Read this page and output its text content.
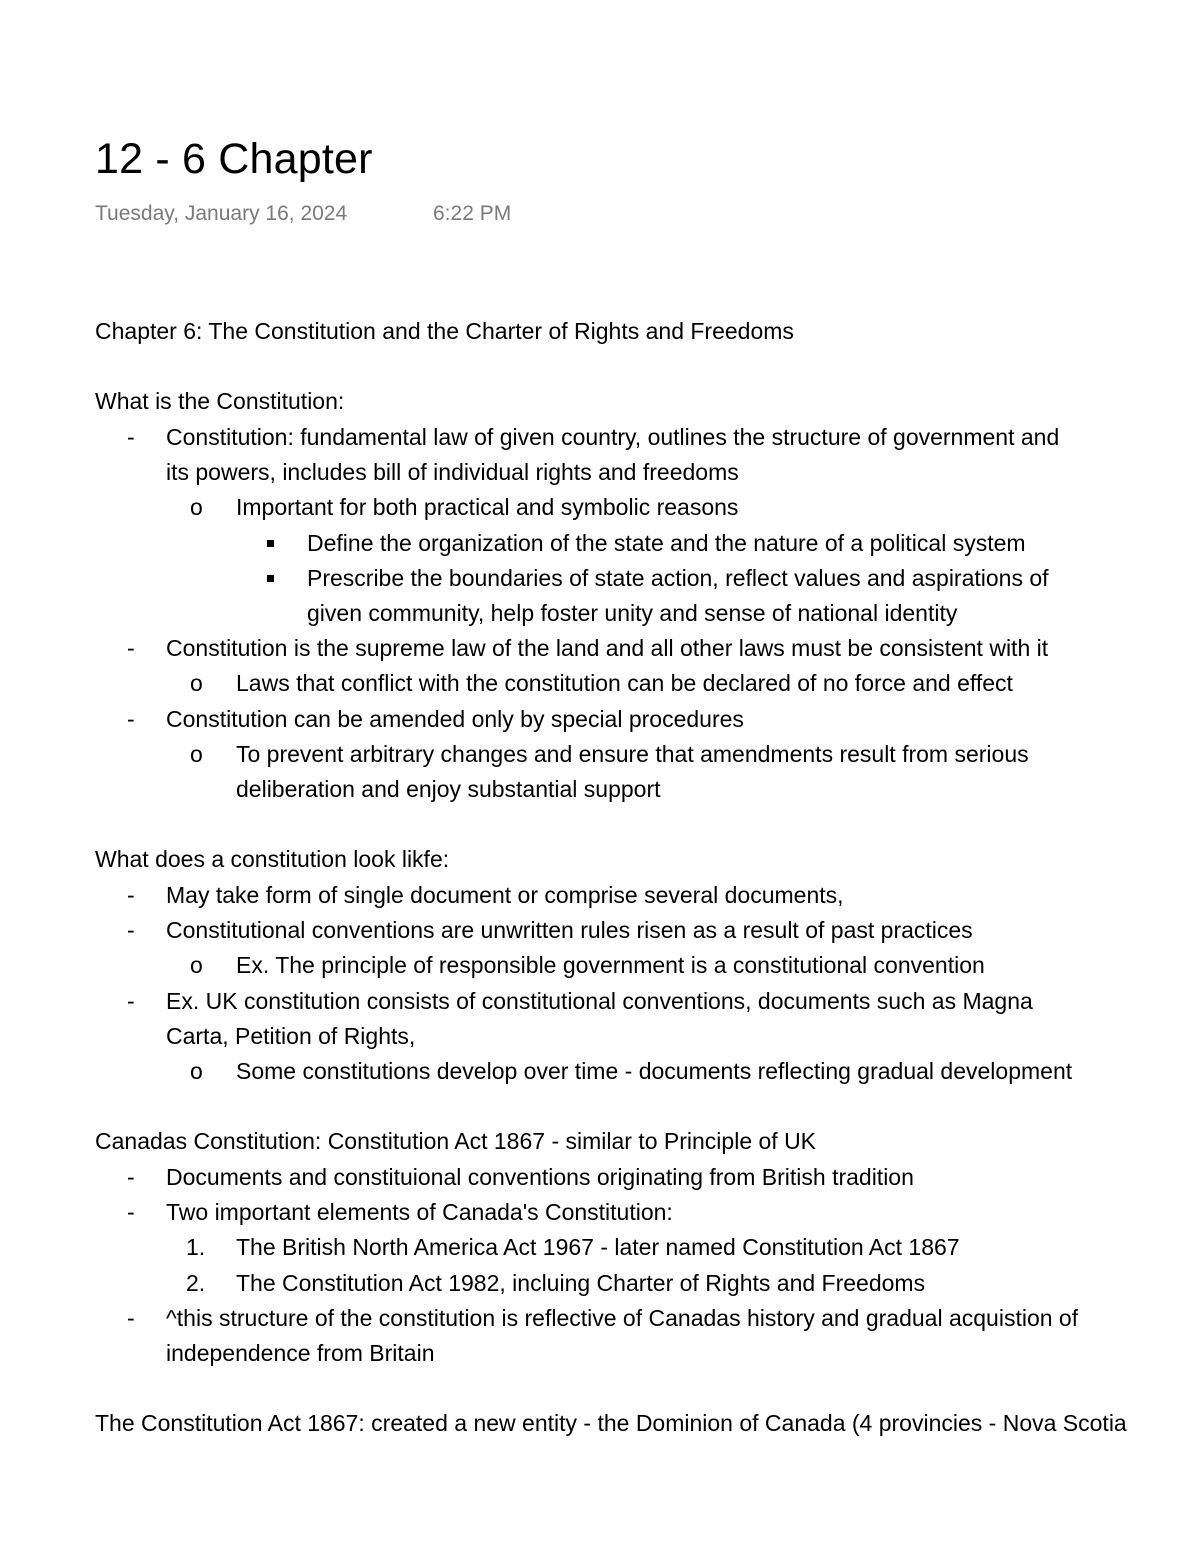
12 - 6 Chapter
Tuesday, January 16, 2024	6:22 PM
Chapter 6: The Constitution and the Charter of Rights and Freedoms
What is the Constitution:
- Constitution: fundamental law of given country, outlines the structure of government and
its powers, includes bill of individual rights and freedoms
o Important for both practical and symbolic reasons
Define the organization of the state and the nature of a political system
Prescribe the boundaries of state action, reflect values and aspirations of
given community, help foster unity and sense of national identity
- Constitution is the supreme law of the land and all other laws must be consistent with it
o Laws that conflict with the constitution can be declared of no force and effect
- Constitution can be amended only by special procedures
o To prevent arbitrary changes and ensure that amendments result from serious
deliberation and enjoy substantial support
What does a constitution look likfe:
- May take form of single document or comprise several documents,
- Constitutional conventions are unwritten rules risen as a result of past practices
o Ex. The principle of responsible government is a constitutional convention
- Ex. UK constitution consists of constitutional conventions, documents such as Magna
Carta, Petition of Rights,
o Some constitutions develop over time - documents reflecting gradual development
Canadas Constitution: Constitution Act 1867 - similar to Principle of UK
- Documents and constituional conventions originating from British tradition
- Two important elements of Canada's Constitution:
1. The British North America Act 1967 - later named Constitution Act 1867
2. The Constitution Act 1982, incluing Charter of Rights and Freedoms
- ^this structure of the constitution is reflective of Canadas history and gradual acquistion of
independence from Britain
The Constitution Act 1867: created a new entity - the Dominion of Canada (4 provincies - Nova Scotia
